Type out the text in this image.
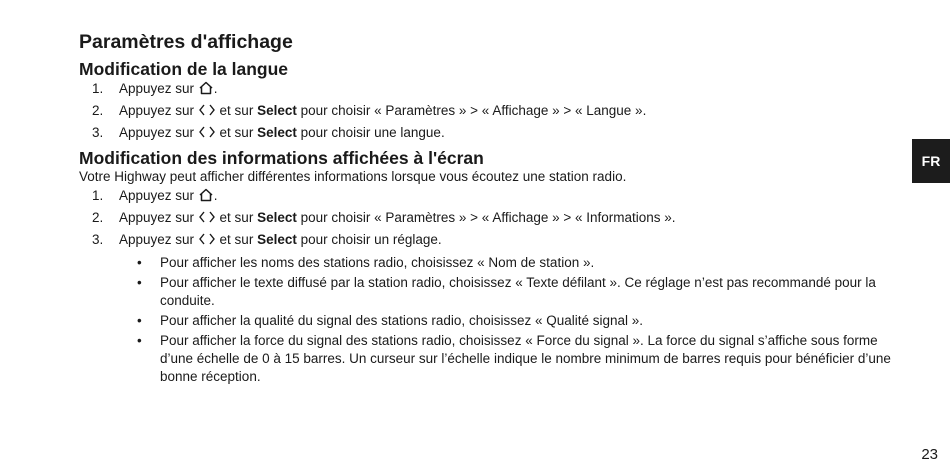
Paramètres d'affichage
Modification de la langue
1. Appuyez sur .
2. Appuyez sur  et sur Select pour choisir « Paramètres » > « Affichage » > « Langue ».
3. Appuyez sur  et sur Select pour choisir une langue.
Modification des informations affichées à l'écran

Votre Highway peut afficher différentes informations lorsque vous écoutez une station radio.

1. Appuyez sur .
2. Appuyez sur  et sur Select pour choisir « Paramètres » > « Affichage » > « Informations ».
3. Appuyez sur  et sur Select pour choisir un réglage.
• Pour afficher les noms des stations radio, choisissez « Nom de station ».
• Pour afficher le texte diffusé par la station radio, choisissez « Texte défilant ». Ce réglage n’est pas recommandé pour la conduite.
• Pour afficher la qualité du signal des stations radio, choisissez « Qualité signal ».
• Pour afficher la force du signal des stations radio, choisissez « Force du signal ». La force du signal s’affiche sous forme d’une échelle de 0 à 15 barres. Un curseur sur l’échelle indique le nombre minimum de barres requis pour bénéficier d’une bonne réception.
FR
23
